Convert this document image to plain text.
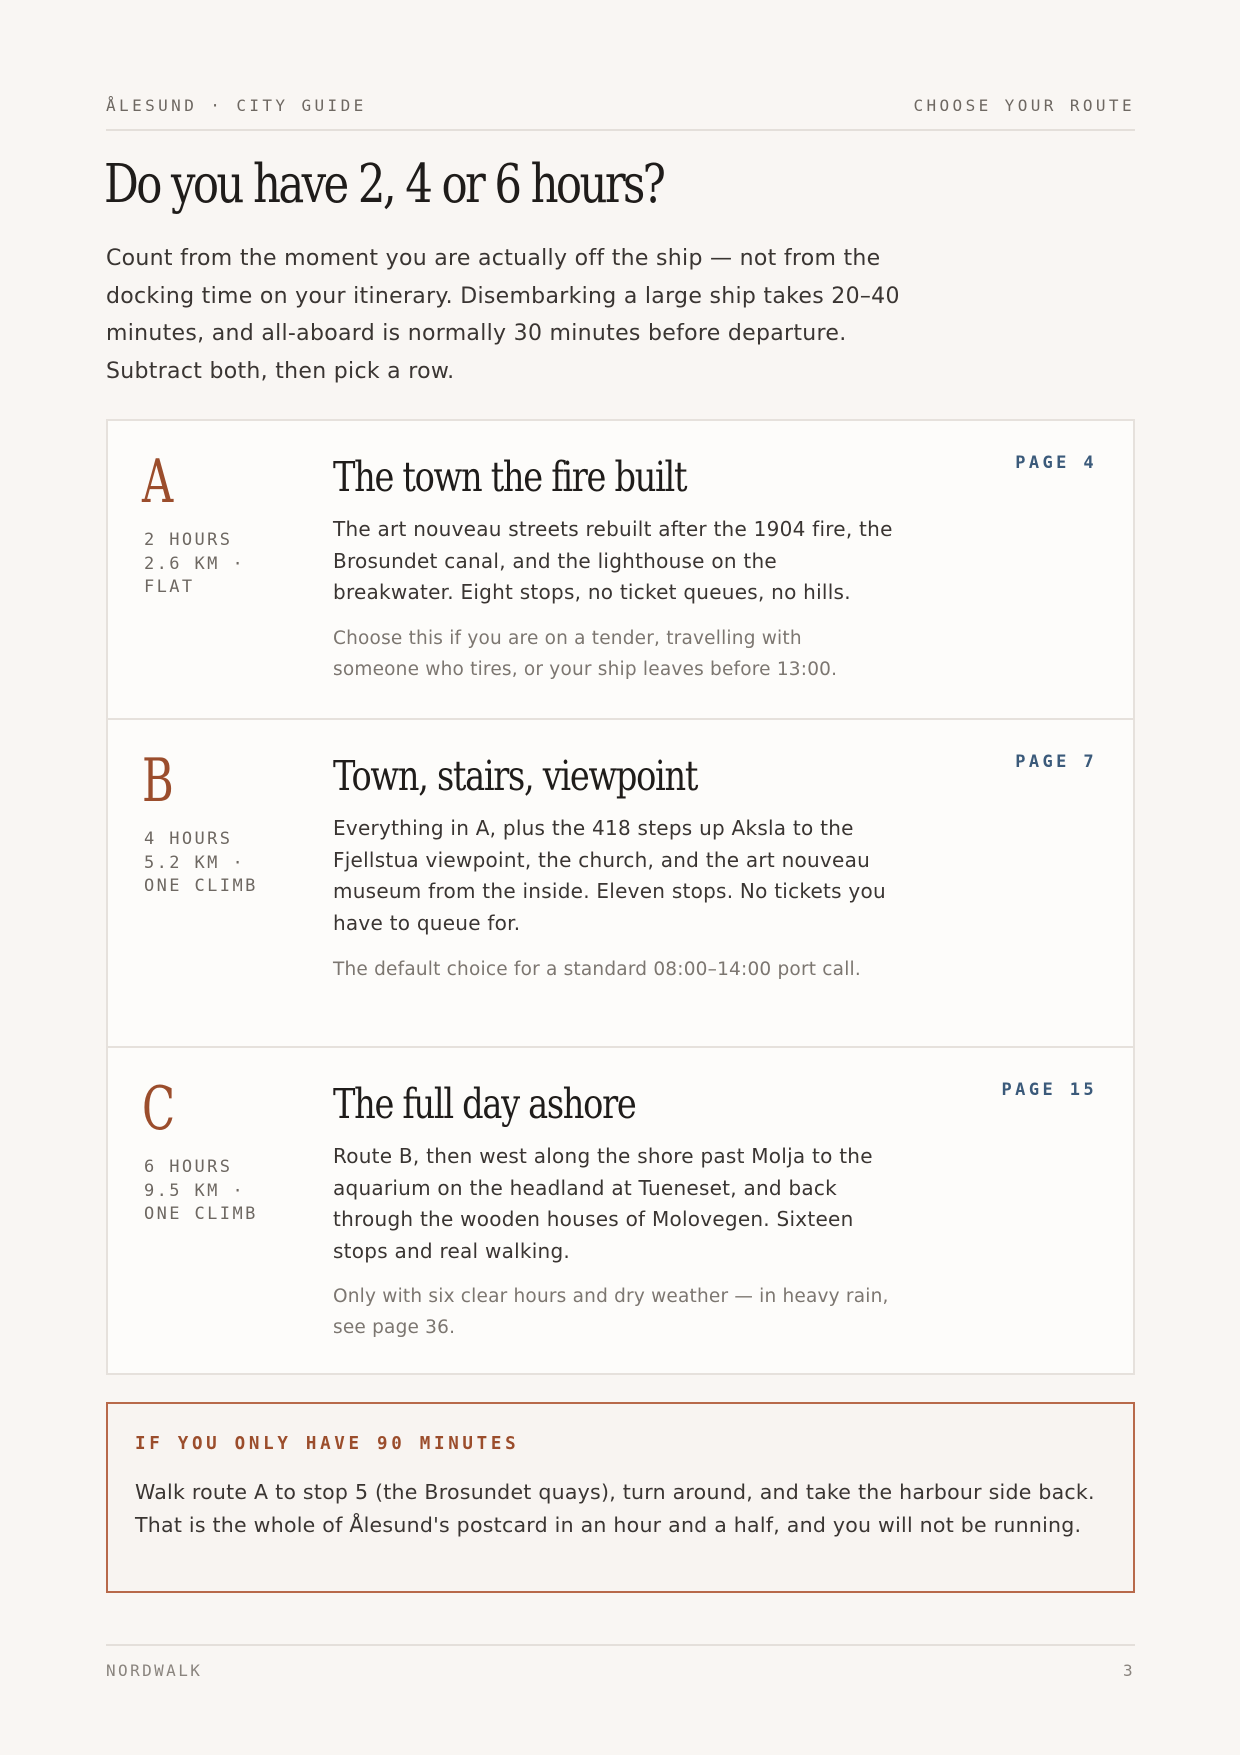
ÅLESUND · CITY GUIDE	CHOOSE YOUR ROUTE
Do you have 2, 4 or 6 hours?

Count from the moment you are actually off the ship — not from the docking time on your itinerary. Disembarking a large ship takes 20–40 minutes, and all-aboard is normally 30 minutes before departure. Subtract both, then pick a row.

A
2 HOURS
2.6 KM ·
FLAT
The town the fire built

The art nouveau streets rebuilt after the 1904 fire, the Brosundet canal, and the lighthouse on the breakwater. Eight stops, no ticket queues, no hills.

Choose this if you are on a tender, travelling with someone who tires, or your ship leaves before 13:00.

PAGE 4
B
4 HOURS
5.2 KM ·
ONE CLIMB
Town, stairs, viewpoint

Everything in A, plus the 418 steps up Aksla to the Fjellstua viewpoint, the church, and the art nouveau museum from the inside. Eleven stops. No tickets you have to queue for.

The default choice for a standard 08:00–14:00 port call.

PAGE 7
C
6 HOURS
9.5 KM ·
ONE CLIMB
The full day ashore

Route B, then west along the shore past Molja to the aquarium on the headland at Tueneset, and back through the wooden houses of Molovegen. Sixteen stops and real walking.

Only with six clear hours and dry weather — in heavy rain, see page 36.

PAGE 15
IF YOU ONLY HAVE 90 MINUTES

Walk route A to stop 5 (the Brosundet quays), turn around, and take the harbour side back. That is the whole of Ålesund's postcard in an hour and a half, and you will not be running.

NORDWALK	3
